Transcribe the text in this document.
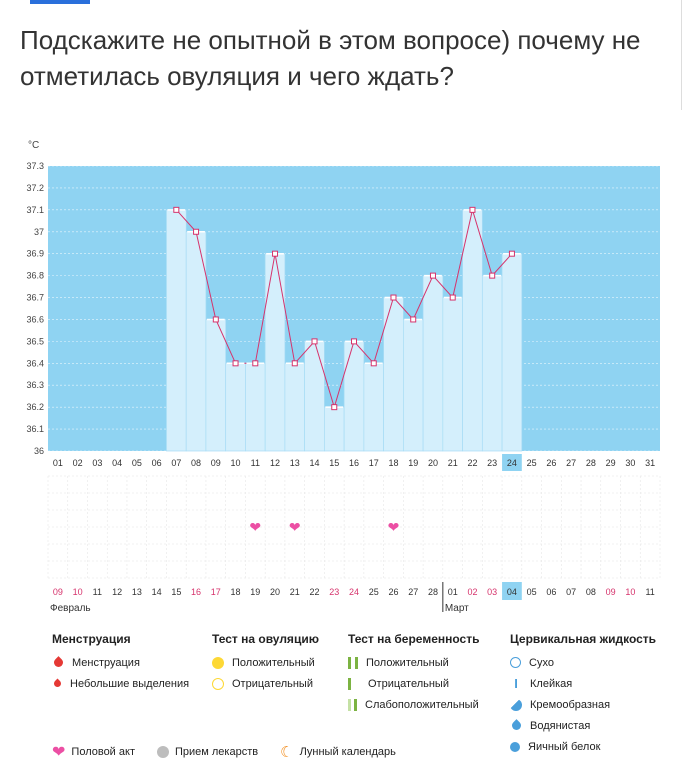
Подскажите не опытной в этом вопросе) почему не отметилась овуляция и чего ждать?
37.3
37.2
37.1
37
36.9
36.8
36.7
36.6
36.5
36.4
36.3
36.2
36.1
36
°С
01 02 03 04 05 06 07 08 09 10 11 12 13 14 15 16 17 18 19 20 21 22 23 24 25 26 27 28 29 30 31
❤ ❤	❤
09 10 11 12 13 14 15 16 17 18 19 20 21 22 23 24 25 26 27 28 01 02 03 04 05 06 07 08 09 10 11
Февраль	Март
Менструация
Менструация
Небольшие выделения
Тест на овуляцию
Положительный
Отрицательный
Тест на беременность
Положительный
Отрицательный
Слабоположительный
Цервикальная жидкость
Сухо
I	Клейкая
Кремообразная
Водянистая
Яичный белок
❤ Половой акт	Прием лекарств ☾ Лунный календарь
